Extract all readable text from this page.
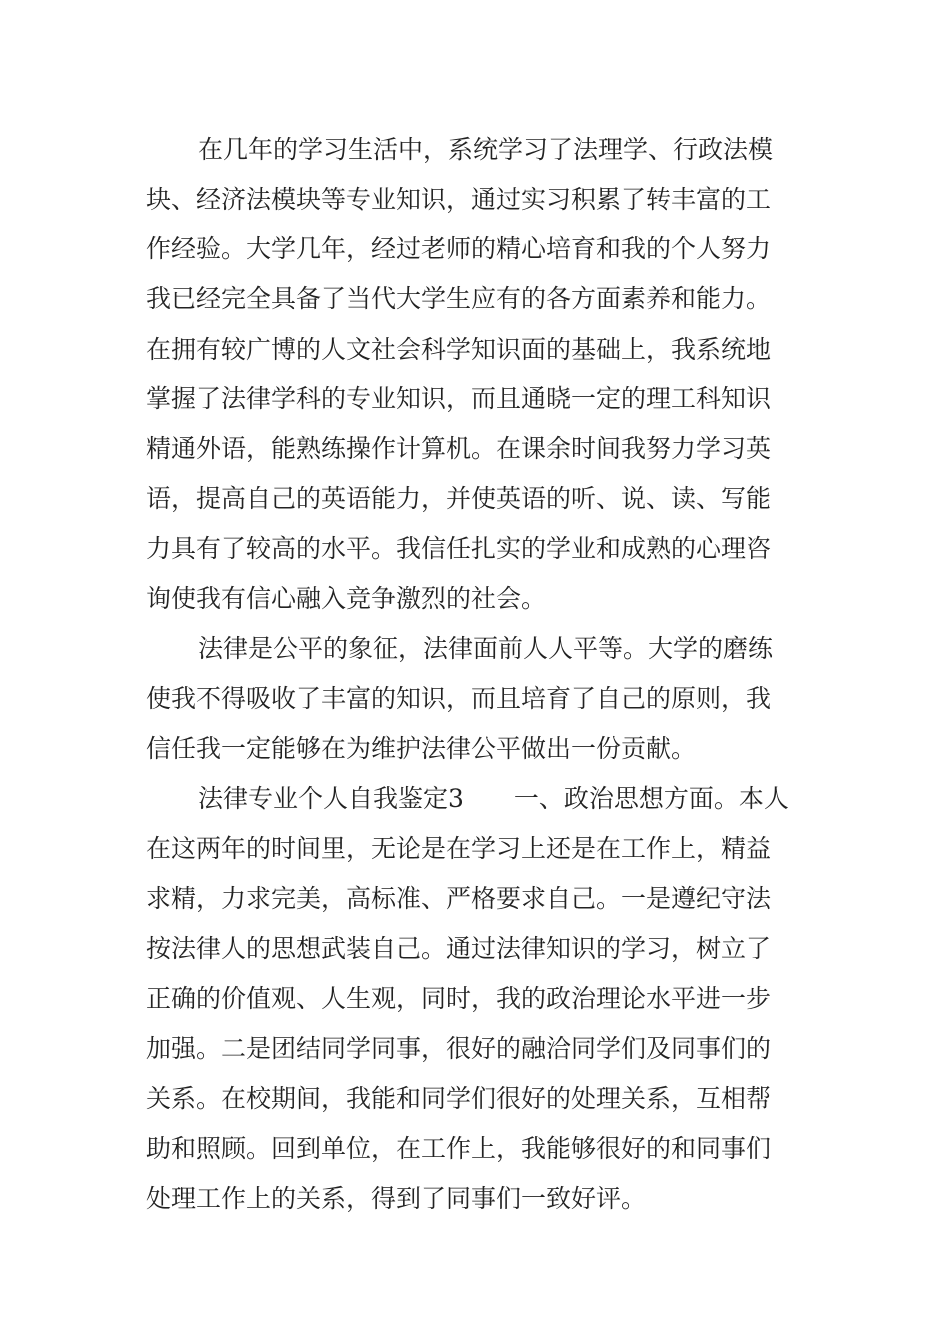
在几年的学习生活中，系统学习了法理学、行政法模
块、经济法模块等专业知识，通过实习积累了转丰富的工
作经验。大学几年，经过老师的精心培育和我的个人努力
我已经完全具备了当代大学生应有的各方面素养和能力。
在拥有较广博的人文社会科学知识面的基础上，我系统地
掌握了法律学科的专业知识，而且通晓一定的理工科知识
精通外语，能熟练操作计算机。在课余时间我努力学习英
语，提高自己的英语能力，并使英语的听、说、读、写能
力具有了较高的水平。我信任扎实的学业和成熟的心理咨
询使我有信心融入竞争激烈的社会。
法律是公平的象征，法律面前人人平等。大学的磨练
使我不得吸收了丰富的知识，而且培育了自己的原则，我
信任我一定能够在为维护法律公平做出一份贡献。
法律专业个人自我鉴定3　　一、政治思想方面。本人
在这两年的时间里，无论是在学习上还是在工作上，精益
求精，力求完美，高标准、严格要求自己。一是遵纪守法
按法律人的思想武装自己。通过法律知识的学习，树立了
正确的价值观、人生观，同时，我的政治理论水平进一步
加强。二是团结同学同事，很好的融洽同学们及同事们的
关系。在校期间，我能和同学们很好的处理关系，互相帮
助和照顾。回到单位，在工作上，我能够很好的和同事们
处理工作上的关系，得到了同事们一致好评。
